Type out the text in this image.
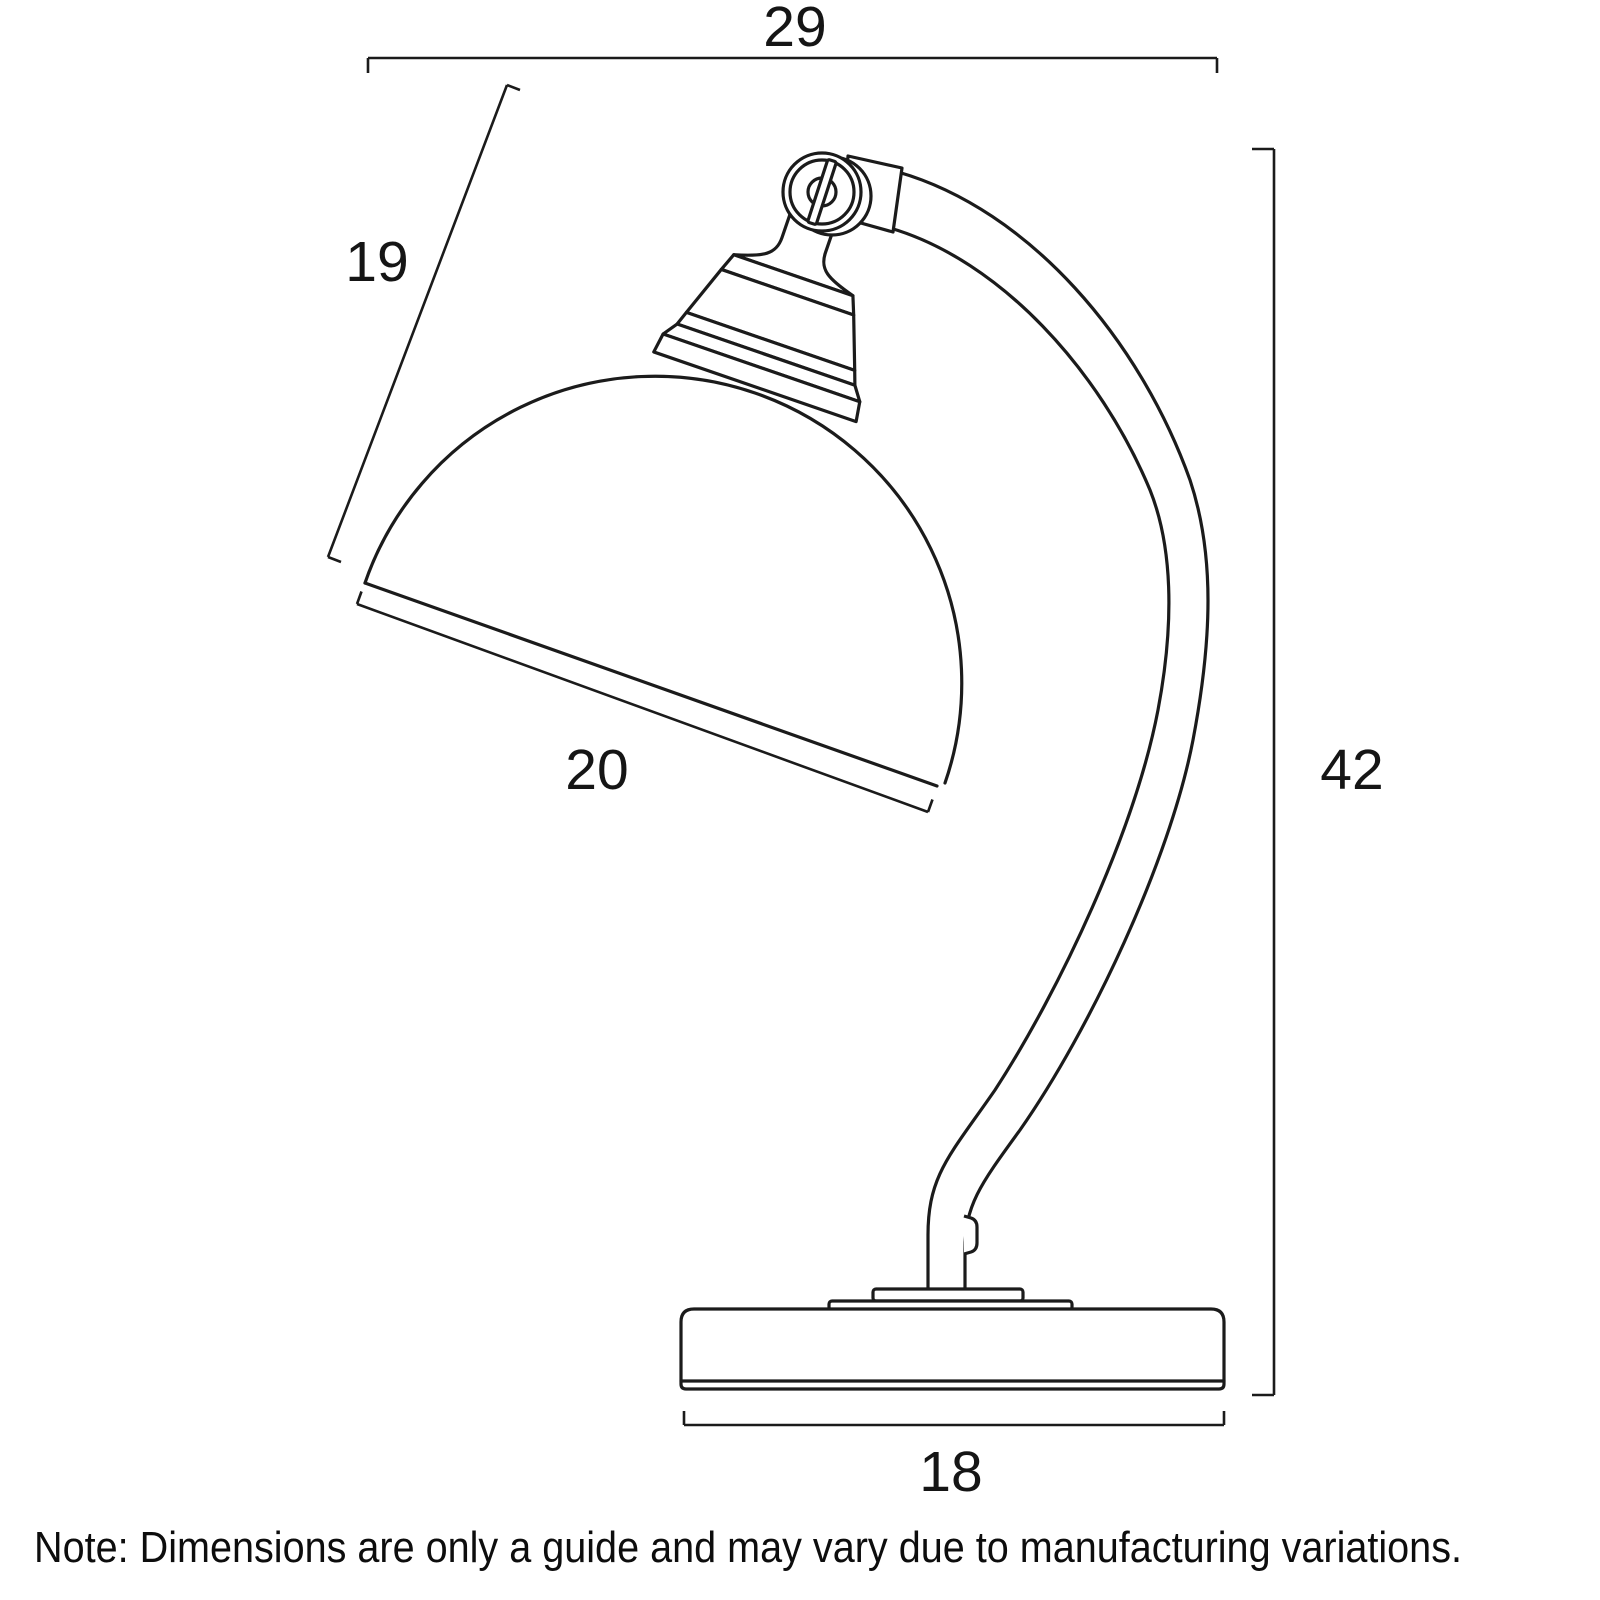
29
19
20	42
18
Note: Dimensions are only a guide and may vary due to manufacturing variations.
